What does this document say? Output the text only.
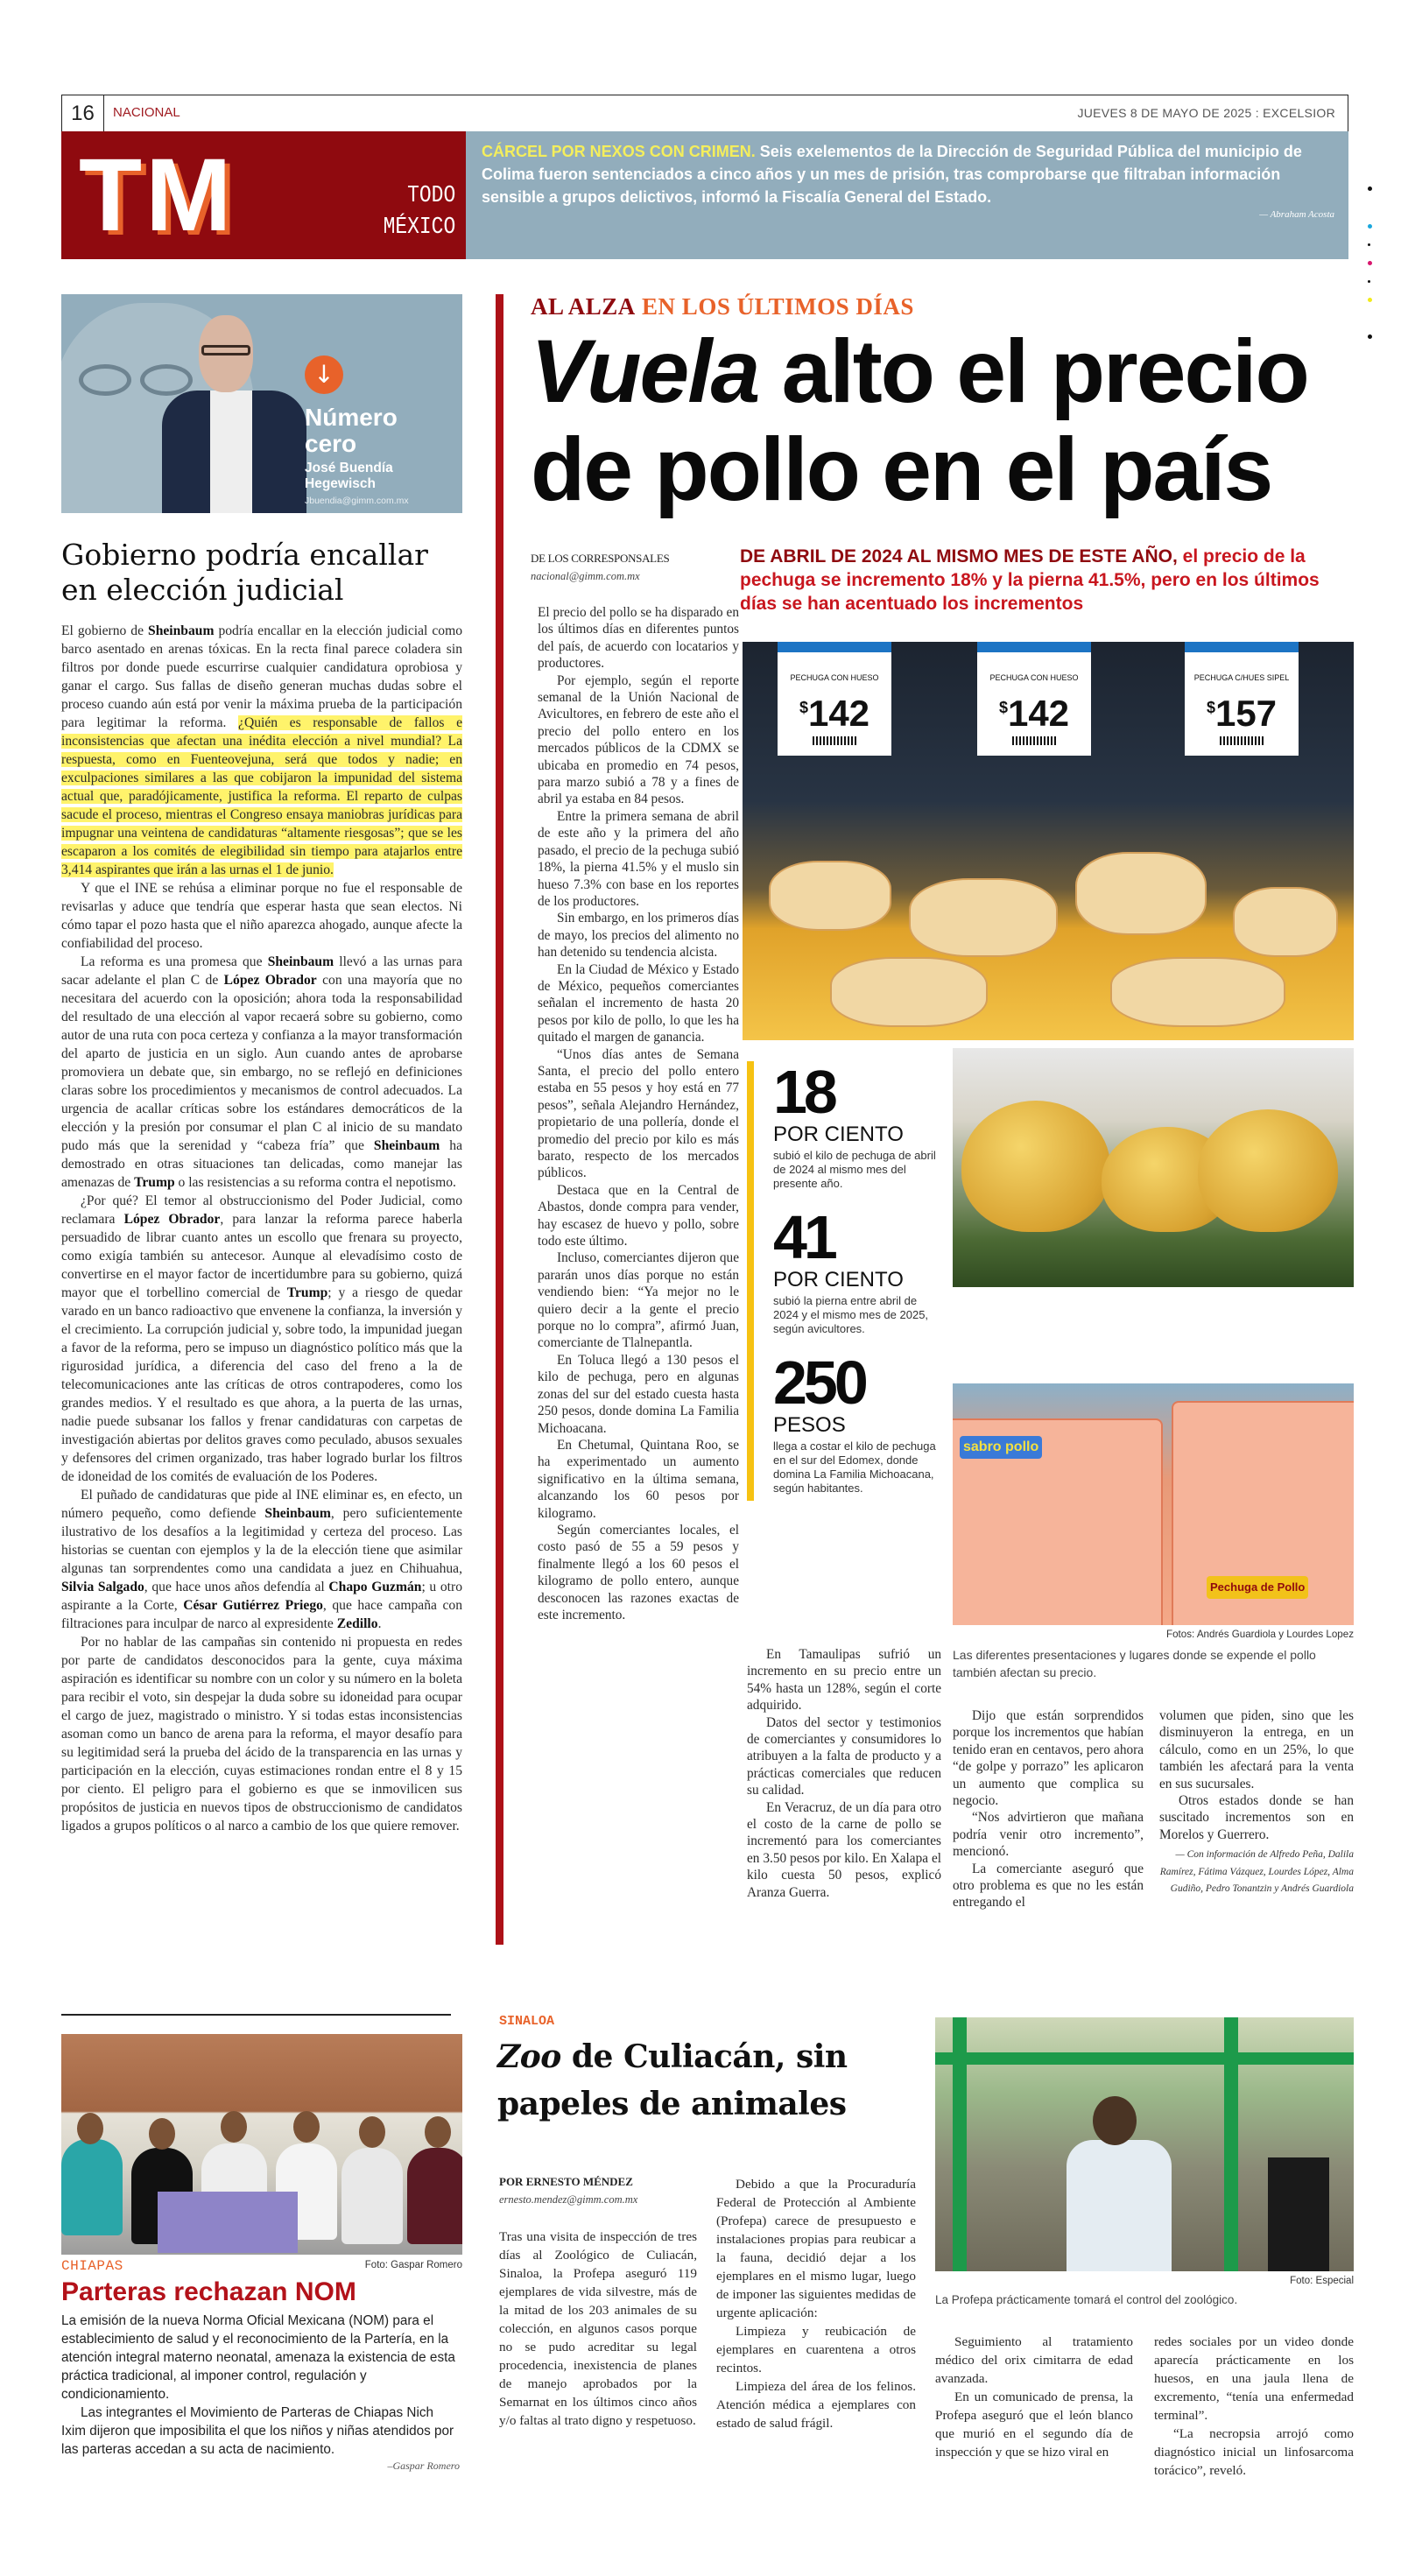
16	NACIONAL	JUEVES 8 DE MAYO DE 2025 : EXCELSIOR
TM	TODO
MÉXICO
CÁRCEL POR NEXOS CON CRIMEN. Seis exelementos de la Dirección de Seguridad Pública del municipio de Colima fueron sentenciados a cinco años y un mes de prisión, tras comprobarse que filtraban información sensible a grupos delictivos, informó la Fiscalía General del Estado.
— Abraham Acosta
↓
Número
cero
José Buendía
Hegewisch
Jbuendia@gimm.com.mx
Gobierno podría encallar en elección judicial

El gobierno de Sheinbaum podría encallar en la elección judicial como barco asentado en arenas tóxicas. En la recta final parece coladera sin filtros por donde puede escurrirse cualquier candidatura oprobiosa y ganar el cargo. Sus fallas de diseño generan muchas dudas sobre el proceso cuando aún está por venir la máxima prueba de la participación para legitimar la reforma. ¿Quién es responsable de fallos e inconsistencias que afectan una inédita elección a nivel mundial? La respuesta, como en Fuenteovejuna, será que todos y nadie; en exculpaciones similares a las que cobijaron la impunidad del sistema actual que, paradójicamente, justifica la reforma. El reparto de culpas sacude el proceso, mientras el Congreso ensaya maniobras jurídicas para impugnar una veintena de candidaturas “altamente riesgosas”; que se les escaparon a los comités de elegibilidad sin tiempo para atajarlos entre 3,414 aspirantes que irán a las urnas el 1 de junio.

Y que el INE se rehúsa a eliminar porque no fue el responsable de revisarlas y aduce que tendría que esperar hasta que sean electos. Ni cómo tapar el pozo hasta que el niño aparezca ahogado, aunque afecte la confiabilidad del proceso.

La reforma es una promesa que Sheinbaum llevó a las urnas para sacar adelante el plan C de López Obrador con una mayoría que no necesitara del acuerdo con la oposición; ahora toda la responsabilidad del resultado de una elección al vapor recaerá sobre su gobierno, como autor de una ruta con poca certeza y confianza a la mayor transformación del aparto de justicia en un siglo. Aun cuando antes de aprobarse promoviera un debate que, sin embargo, no se reflejó en definiciones claras sobre los procedimientos y mecanismos de control adecuados. La urgencia de acallar críticas sobre los estándares democráticos de la elección y la presión por consumar el plan C al inicio de su mandato pudo más que la serenidad y “cabeza fría” que Sheinbaum ha demostrado en otras situaciones tan delicadas, como manejar las amenazas de Trump o las resistencias a su reforma contra el nepotismo.

¿Por qué? El temor al obstruccionismo del Poder Judicial, como reclamara López Obrador, para lanzar la reforma parece haberla persuadido de librar cuanto antes un escollo que frenara su proyecto, como exigía también su antecesor. Aunque al elevadísimo costo de convertirse en el mayor factor de incertidumbre para su gobierno, quizá mayor que el torbellino comercial de Trump; y a riesgo de quedar varado en un banco radioactivo que envenene la confianza, la inversión y el crecimiento. La corrupción judicial y, sobre todo, la impunidad juegan a favor de la reforma, pero se impuso un diagnóstico político más que la rigurosidad jurídica, a diferencia del caso del freno a la de telecomunicaciones ante las críticas de otros contrapoderes, como los grandes medios. Y el resultado es que ahora, a la puerta de las urnas, nadie puede subsanar los fallos y frenar candidaturas con carpetas de investigación abiertas por delitos graves como peculado, abusos sexuales y defensores del crimen organizado, tras haber logrado burlar los filtros de idoneidad de los comités de evaluación de los Poderes.

El puñado de candidaturas que pide al INE eliminar es, en efecto, un número pequeño, como defiende Sheinbaum, pero suficientemente ilustrativo de los desafíos a la legitimidad y certeza del proceso. Las historias se cuentan con ejemplos y la de la elección tiene que asimilar algunas tan sorprendentes como una candidata a juez en Chihuahua, Silvia Salgado, que hace unos años defendía al Chapo Guzmán; u otro aspirante a la Corte, César Gutiérrez Priego, que hace campaña con filtraciones para inculpar de narco al expresidente Zedillo.

Por no hablar de las campañas sin contenido ni propuesta en redes por parte de candidatos desconocidos para la gente, cuya máxima aspiración es identificar su nombre con un color y su número en la boleta para recibir el voto, sin despejar la duda sobre su idoneidad para ocupar el cargo de juez, magistrado o ministro. Y si todas estas inconsistencias asoman como un banco de arena para la reforma, el mayor desafío para su legitimidad será la prueba del ácido de la transparencia en las urnas y participación en la elección, cuyas estimaciones rondan entre el 8 y 15 por ciento. El peligro para el gobierno es que se inmovilicen sus propósitos de justicia en nuevos tipos de obstruccionismo de candidatos ligados a grupos políticos o al narco a cambio de los que quiere remover.

AL ALZA EN LOS ÚLTIMOS DÍAS
Vuela alto el precio de pollo en el país
DE LOS CORRESPONSALES
nacional@gimm.com.mx
DE ABRIL DE 2024 AL MISMO MES DE ESTE AÑO, el precio de la pechuga se incremento 18% y la pierna 41.5%, pero en los últimos días se han acentuado los incrementos

El precio del pollo se ha disparado en los últimos días en diferentes puntos del país, de acuerdo con locatarios y productores.

Por ejemplo, según el reporte semanal de la Unión Nacional de Avicultores, en febrero de este año el precio del pollo entero en los mercados públicos de la CDMX se ubicaba en promedio en 74 pesos, para marzo subió a 78 y a fines de abril ya estaba en 84 pesos.

Entre la primera semana de abril de este año y la primera del año pasado, el precio de la pechuga subió 18%, la pierna 41.5% y el muslo sin hueso 7.3% con base en los reportes de los productores.

Sin embargo, en los primeros días de mayo, los precios del alimento no han detenido su tendencia alcista.

En la Ciudad de México y Estado de México, pequeños comerciantes señalan el incremento de hasta 20 pesos por kilo de pollo, lo que les ha quitado el margen de ganancia.

“Unos días antes de Semana Santa, el precio del pollo entero estaba en 55 pesos y hoy está en 77 pesos”, señala Alejandro Hernández, propietario de una pollería, donde el promedio del precio por kilo es más barato, respecto de los mercados públicos.

Destaca que en la Central de Abastos, donde compra para vender, hay escasez de huevo y pollo, sobre todo este último.

Incluso, comerciantes dijeron que pararán unos días porque no están vendiendo bien: “Ya mejor no le quiero decir a la gente el precio porque no lo compra”, afirmó Juan, comerciante de Tlalnepantla.

En Toluca llegó a 130 pesos el kilo de pechuga, pero en algunas zonas del sur del estado cuesta hasta 250 pesos, donde domina La Familia Michoacana.

En Chetumal, Quintana Roo, se ha experimentado un aumento significativo en la última semana, alcanzando los 60 pesos por kilogramo.

Según comerciantes locales, el costo pasó de 55 a 59 pesos y finalmente llegó a los 60 pesos el kilogramo de pollo entero, aunque desconocen las razones exactas de este incremento.

PECHUGA CON HUESO
$142
PECHUGA CON HUESO
$142
PECHUGA C/HUES SIPEL
$157
18
POR CIENTO
subió el kilo de pechuga de abril de 2024 al mismo mes del presente año.
41
POR CIENTO
subió la pierna entre abril de 2024 y el mismo mes de 2025, según avicultores.
250
PESOS
llega a costar el kilo de pechuga en el sur del Edomex, donde domina La Familia Michoacana, según habitantes.
sabro pollo
Pechuga de Pollo
Fotos: Andrés Guardiola y Lourdes Lopez
Las diferentes presentaciones y lugares donde se expende el pollo también afectan su precio.

En Tamaulipas sufrió un incremento en su precio entre un 54% hasta un 128%, según el corte adquirido.

Datos del sector y testimonios de comerciantes y consumidores lo atribuyen a la falta de producto y a prácticas comerciales que reducen su calidad.

En Veracruz, de un día para otro el costo de la carne de pollo se incrementó para los comerciantes en 3.50 pesos por kilo. En Xalapa el kilo cuesta 50 pesos, explicó Aranza Guerra.

Dijo que están sorprendidos porque los incrementos que habían tenido eran en centavos, pero ahora “de golpe y porrazo” les aplicaron un aumento que complica su negocio.

“Nos advirtieron que mañana podría venir otro incremento”, mencionó.

La comerciante aseguró que otro problema es que no les están entregando el

volumen que piden, sino que les disminuyeron la entrega, en un cálculo, como en un 25%, lo que también les afectará para la venta en sus sucursales.

Otros estados donde se han suscitado incrementos son en Morelos y Guerrero.

— Con información de Alfredo Peña, Dalila Ramírez, Fátima Vázquez, Lourdes López, Alma Gudiño, Pedro Tonantzin y Andrés Guardiola
CHIAPAS	Foto: Gaspar Romero
Parteras rechazan NOM

La emisión de la nueva Norma Oficial Mexicana (NOM) para el establecimiento de salud y el reconocimiento de la Partería, en la atención integral materno neonatal, amenaza la existencia de esta práctica tradicional, al imponer control, regulación y condicionamiento.

Las integrantes el Movimiento de Parteras de Chiapas Nich Ixim dijeron que imposibilita el que los niños y niñas atendidos por las parteras accedan a su acta de nacimiento.

–Gaspar Romero
SINALOA
Zoo de Culiacán, sin papeles de animales
POR ERNESTO MÉNDEZ
ernesto.mendez@gimm.com.mx

Tras una visita de inspección de tres días al Zoológico de Culiacán, Sinaloa, la Profepa aseguró 119 ejemplares de vida silvestre, más de la mitad de los 203 animales de su colección, en algunos casos porque no se pudo acreditar su legal procedencia, inexistencia de planes de manejo aprobados por la Semarnat en los últimos cinco años y/o faltas al trato digno y respetuoso.

Debido a que la Procuraduría Federal de Protección al Ambiente (Profepa) carece de presupuesto e instalaciones propias para reubicar a la fauna, decidió dejar a los ejemplares en el mismo lugar, luego de imponer las siguientes medidas de urgente aplicación:

Limpieza y reubicación de ejemplares en cuarentena a otros recintos.

Limpieza del área de los felinos. Atención médica a ejemplares con estado de salud frágil.

Foto: Especial
La Profepa prácticamente tomará el control del zoológico.

Seguimiento al tratamiento médico del orix cimitarra de edad avanzada.

En un comunicado de prensa, la Profepa aseguró que el león blanco que murió en el segundo día de inspección y que se hizo viral en

redes sociales por un video donde aparecía prácticamente en los huesos, en una jaula llena de excremento, “tenía una enfermedad terminal”.

“La necropsia arrojó como diagnóstico inicial un linfosarcoma torácico”, reveló.
